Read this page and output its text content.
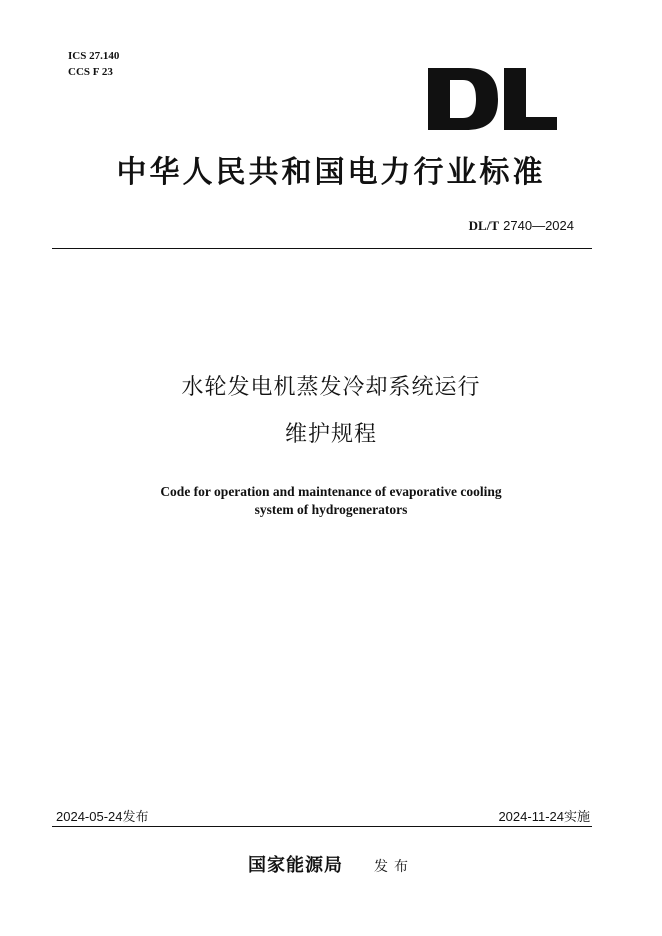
ICS 27.140
CCS F 23
中华人民共和国电力行业标准
DL/T 2740—2024
水轮发电机蒸发冷却系统运行
维护规程
Code for operation and maintenance of evaporative cooling
system of hydrogenerators
2024-05-24发布	2024-11-24实施
国家能源局 发布
